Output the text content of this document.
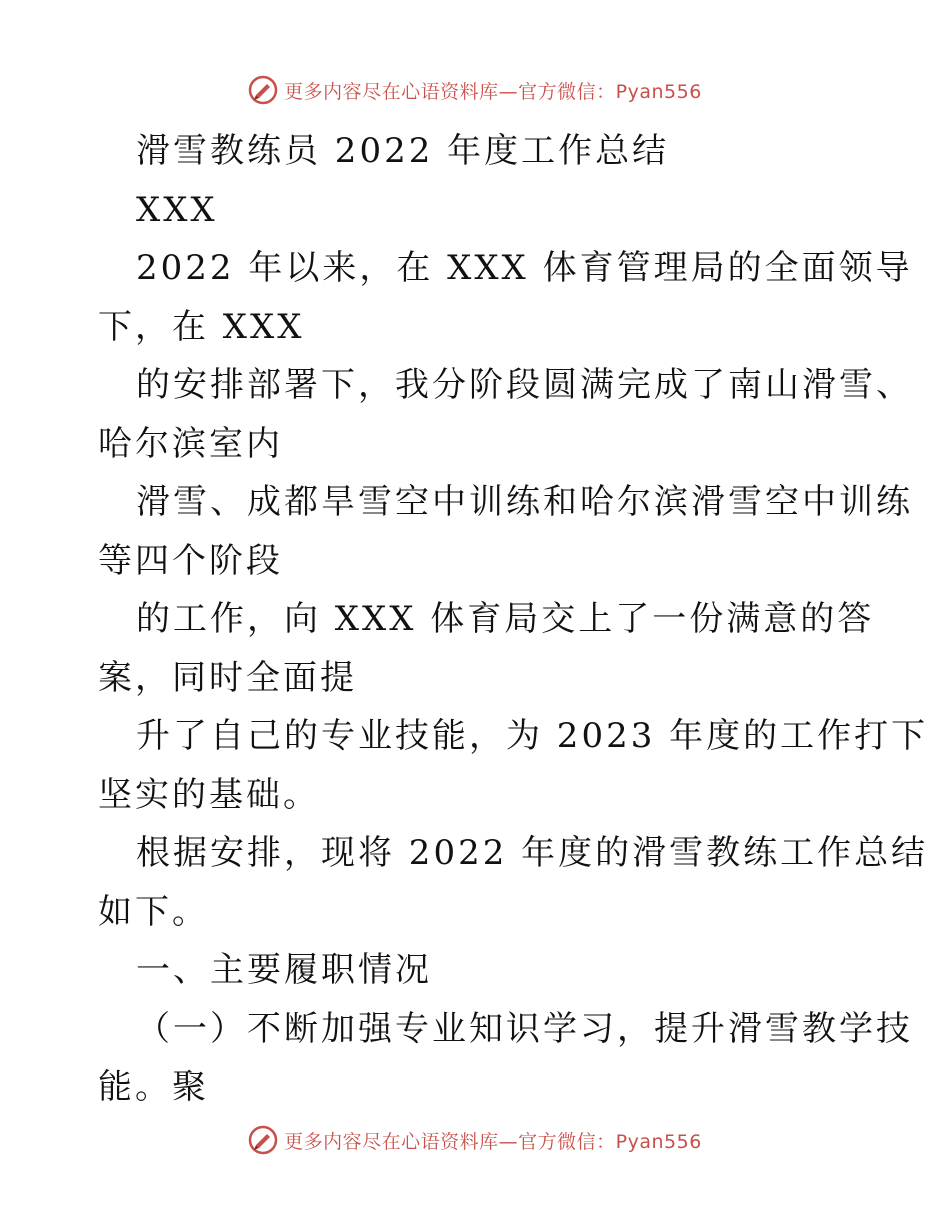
更多内容尽在心语资料库—官方微信：Pyan556
滑雪教练员 2022 年度工作总结
XXX
2022 年以来，在 XXX 体育管理局的全面领导
下，在 XXX
的安排部署下，我分阶段圆满完成了南山滑雪、
哈尔滨室内
滑雪、成都旱雪空中训练和哈尔滨滑雪空中训练
等四个阶段
的工作，向 XXX 体育局交上了一份满意的答
案，同时全面提
升了自己的专业技能，为 2023 年度的工作打下
坚实的基础。
根据安排，现将 2022 年度的滑雪教练工作总结
如下。
一、主要履职情况
（一）不断加强专业知识学习，提升滑雪教学技
能。聚
更多内容尽在心语资料库—官方微信：Pyan556
